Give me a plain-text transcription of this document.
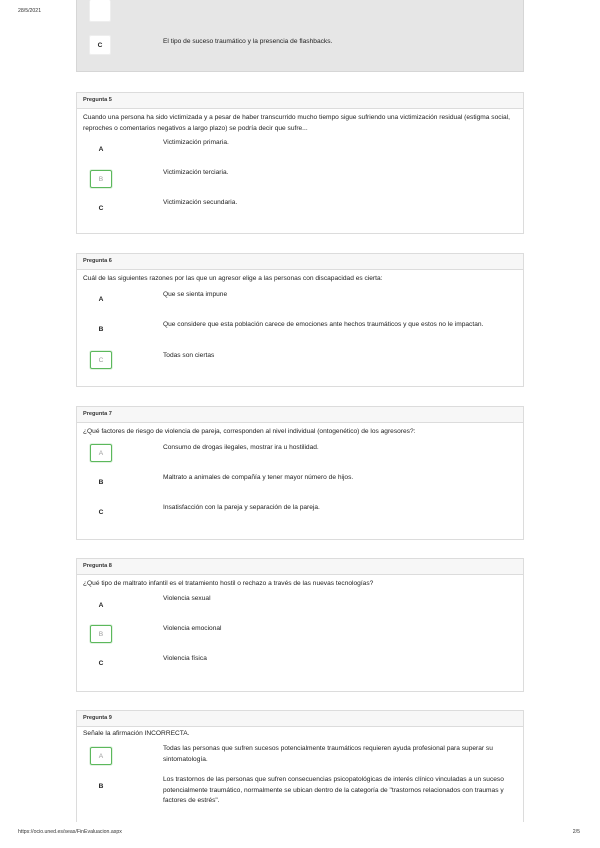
28/5/2021
C	El tipo de suceso traumático y la presencia de flashbacks.
Pregunta 5
Cuando una persona ha sido victimizada y a pesar de haber transcurrido mucho tiempo sigue sufriendo una victimización residual (estigma social, reproches o comentarios negativos a largo plazo) se podría decir que sufre...
A
Victimización primaria.
B
Victimización terciaria.
C
Victimización secundaria.
Pregunta 6
Cuál de las siguientes razones por las que un agresor elige a las personas con discapacidad es cierta:
A
Que se sienta impune
B
Que considere que esta población carece de emociones ante hechos traumáticos y que estos no le impactan.
C
Todas son ciertas
Pregunta 7
¿Qué factores de riesgo de violencia de pareja, corresponden al nivel individual (ontogenético) de los agresores?:
A
Consumo de drogas ilegales, mostrar ira u hostilidad.
B
Maltrato a animales de compañía y tener mayor número de hijos.
C
Insatisfacción con la pareja y separación de la pareja.
Pregunta 8
¿Qué tipo de maltrato infantil es el tratamiento hostil o rechazo a través de las nuevas tecnologías?
A
Violencia sexual
B
Violencia emocional
C
Violencia física
Pregunta 9
Señale la afirmación INCORRECTA.
A
Todas las personas que sufren sucesos potencialmente traumáticos requieren ayuda profesional para superar su sintomatología.
B
Los trastornos de las personas que sufren consecuencias psicopatológicas de interés clínico vinculadas a un suceso potencialmente traumático, normalmente se ubican dentro de la categoría de "trastornos relacionados con traumas y factores de estrés".
https://ocio.uned.es/seas/FinEvaluacion.aspx	2/5
